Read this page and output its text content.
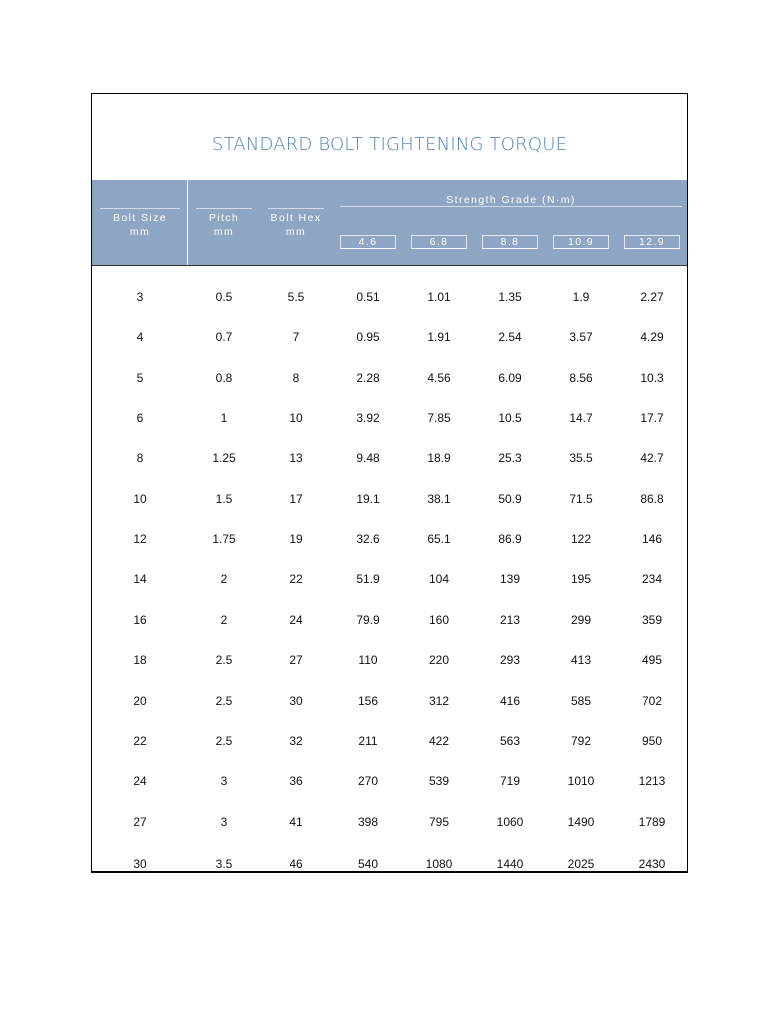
STANDARD BOLT TIGHTENING TORQUE
Bolt Size
mm
Pitch
mm
Bolt Hex
mm
Strength Grade (N·m)
4.6	6.8	8.8	10.9	12.9
3	0.5	5.5	0.51	1.01	1.35	1.9	2.27
4	0.7	7	0.95	1.91	2.54	3.57	4.29
5	0.8	8	2.28	4.56	6.09	8.56	10.3
6	1	10	3.92	7.85	10.5	14.7	17.7
8	1.25	13	9.48	18.9	25.3	35.5	42.7
10	1.5	17	19.1	38.1	50.9	71.5	86.8
12	1.75	19	32.6	65.1	86.9	122	146
14	2	22	51.9	104	139	195	234
16	2	24	79.9	160	213	299	359
18	2.5	27	110	220	293	413	495
20	2.5	30	156	312	416	585	702
22	2.5	32	211	422	563	792	950
24	3	36	270	539	719	1010	1213
27	3	41	398	795	1060	1490	1789
30	3.5	46	540	1080	1440	2025	2430
